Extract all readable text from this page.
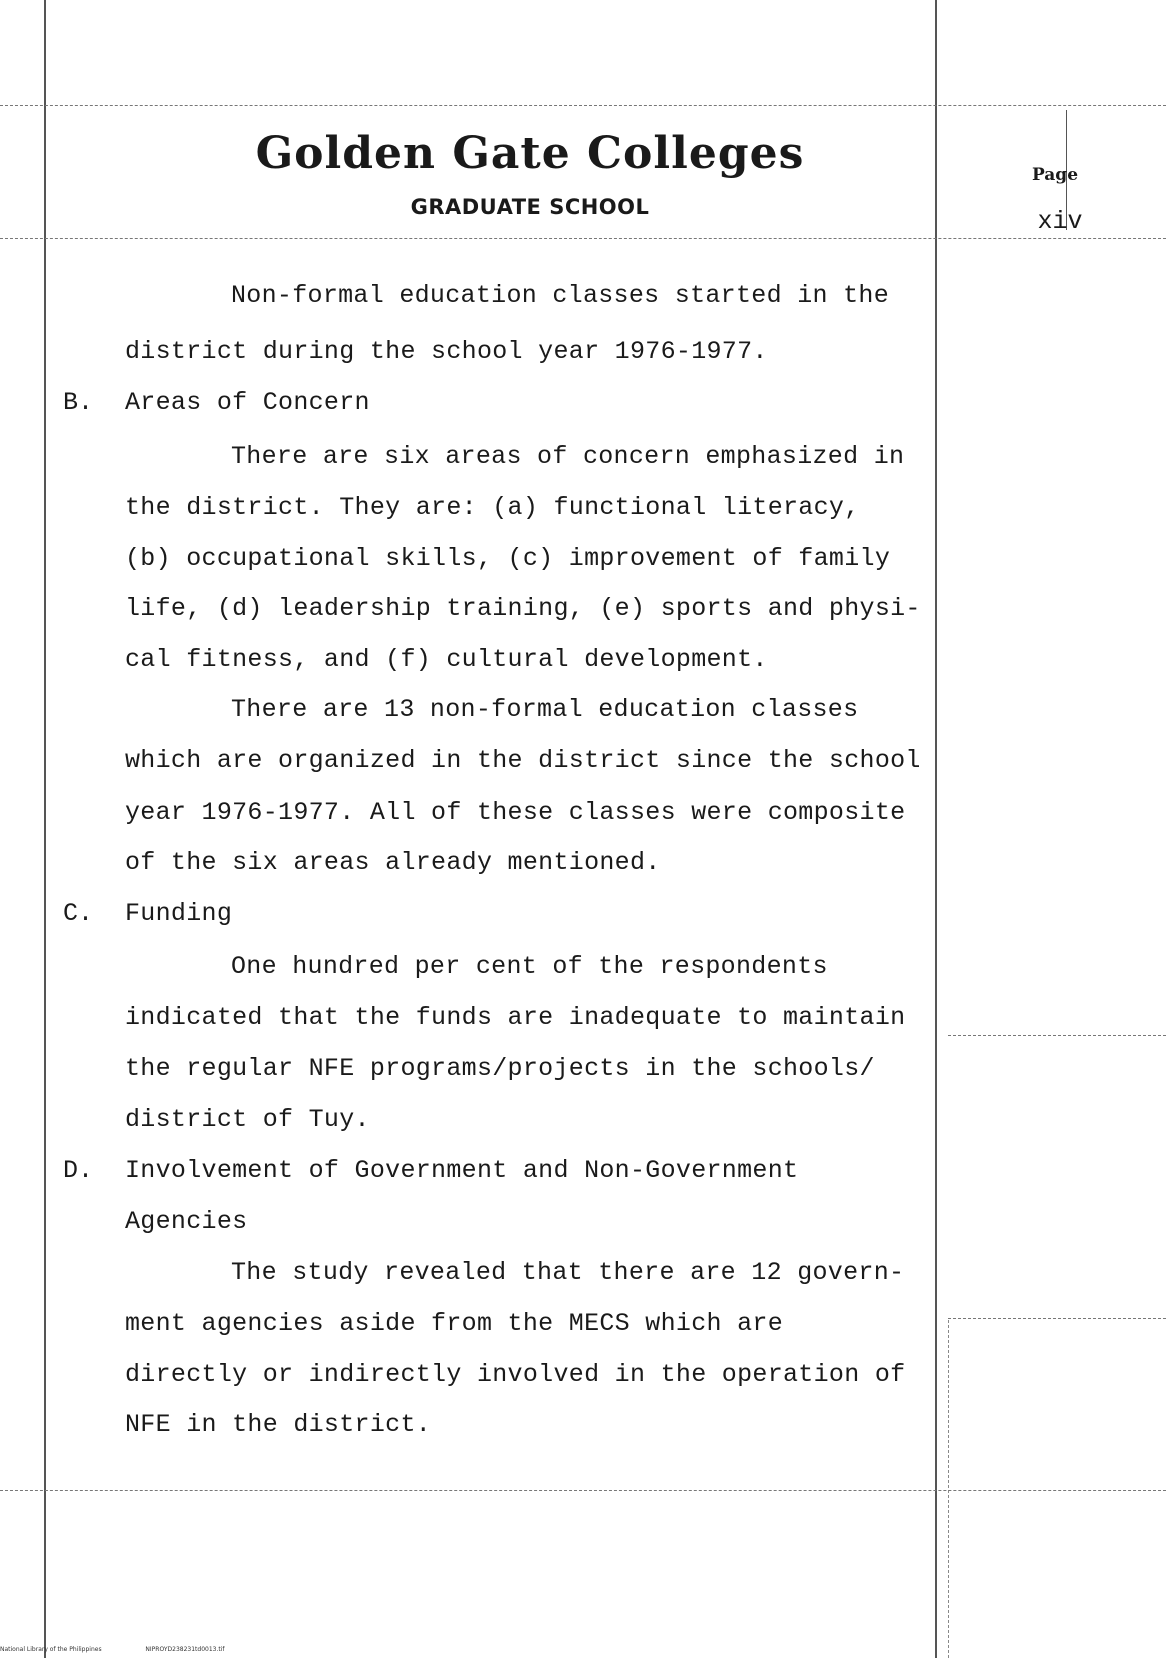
Golden Gate Colleges
GRADUATE SCHOOL
Page
xiv
Non-formal education classes started in the
district during the school year 1976-1977.
B. Areas of Concern
There are six areas of concern emphasized in
the district. They are: (a) functional literacy,
(b) occupational skills, (c) improvement of family
life, (d) leadership training, (e) sports and physi-
cal fitness, and (f) cultural development.
There are 13 non-formal education classes
which are organized in the district since the school
year 1976-1977. All of these classes were composite
of the six areas already mentioned.
C. Funding
One hundred per cent of the respondents
indicated that the funds are inadequate to maintain
the regular NFE programs/projects in the schools/
district of Tuy.
D. Involvement of Government and Non-Government
Agencies
The study revealed that there are 12 govern-
ment agencies aside from the MECS which are
directly or indirectly involved in the operation of
NFE in the district.
National Library of the Philippines	NIPROYD238231td0013.tif
